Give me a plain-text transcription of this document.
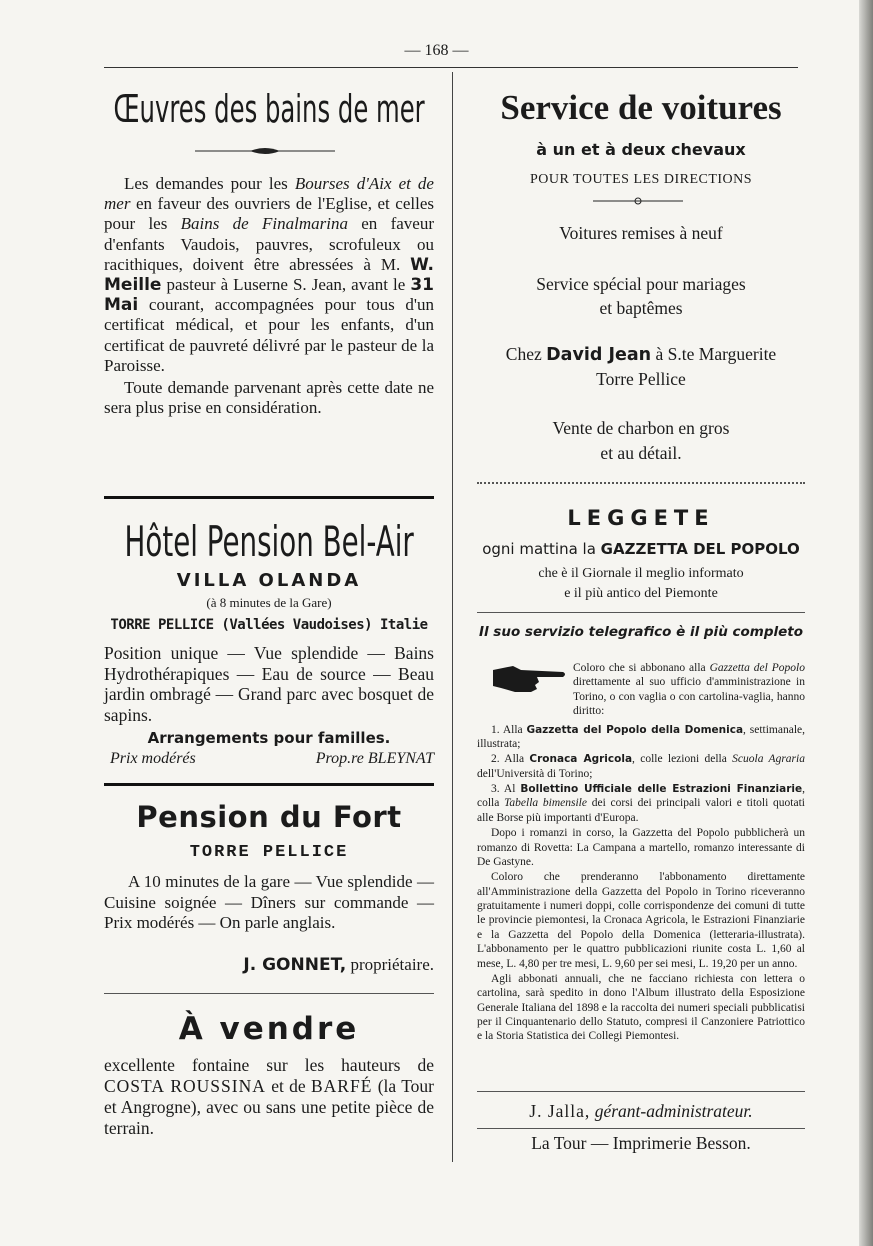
— 168 —
Œuvres des bains de mer
Les demandes pour les Bourses d'Aix et de mer en faveur des ouvriers de l'Eglise, et celles pour les Bains de Finalmarina en faveur d'enfants Vaudois, pauvres, scrofuleux ou racithiques, doivent être abressées à M. W. Meille pasteur à Luserne S. Jean, avant le 31 Mai courant, accompagnées pour tous d'un certificat médical, et pour les enfants, d'un certificat de pauvreté délivré par le pasteur de la Paroisse.
Toute demande parvenant après cette date ne sera plus prise en considération.
Hôtel Pension Bel-Air
VILLA OLANDA
(à 8 minutes de la Gare)
TORRE PELLICE (Vallées Vaudoises) Italie
Position unique — Vue splendide — Bains Hydrothérapiques — Eau de source — Beau jardin ombragé — Grand parc avec bosquet de sapins.
Arrangements pour familles.
Prix modérés	Prop.re BLEYNAT
Pension du Fort
TORRE PELLICE
A 10 minutes de la gare — Vue splendide — Cuisine soignée — Dîners sur commande — Prix modérés — On parle anglais.
J. GONNET, propriétaire.
À vendre
excellente fontaine sur les hauteurs de COSTA ROUSSINA et de BARFÉ (la Tour et Angrogne), avec ou sans une petite pièce de terrain.
Service de voitures
à un et à deux chevaux
POUR TOUTES LES DIRECTIONS
Voitures remises à neuf
Service spécial pour mariages
et baptêmes
Chez David Jean à S.te Marguerite
Torre Pellice
Vente de charbon en gros
et au détail.
LEGGETE
ogni mattina la GAZZETTA DEL POPOLO
che è il Giornale il meglio informato
e il più antico del Piemonte
Il suo servizio telegrafico è il più completo

Coloro che si abbonano alla Gazzetta del Popolo direttamente al suo ufficio d'amministrazione in Torino, o con vaglia o con cartolina-vaglia, hanno diritto:

1. Alla Gazzetta del Popolo della Domenica, settimanale, illustrata;

2. Alla Cronaca Agricola, colle lezioni della Scuola Agraria dell'Università di Torino;

3. Al Bollettino Ufficiale delle Estrazioni Finanziarie, colla Tabella bimensile dei corsi dei principali valori e titoli quotati alle Borse più importanti d'Europa.

Dopo i romanzi in corso, la Gazzetta del Popolo pubblicherà un romanzo di Rovetta: La Campana a martello, romanzo interessante di De Gastyne.

Coloro che prenderanno l'abbonamento direttamente all'Amministrazione della Gazzetta del Popolo in Torino riceveranno gratuitamente i numeri doppi, colle corrispondenze dei comuni di tutte le provincie piemontesi, la Cronaca Agricola, le Estrazioni Finanziarie e la Gazzetta del Popolo della Domenica (letteraria-illustrata). L'abbonamento per le quattro pubblicazioni riunite costa L. 1,60 al mese, L. 4,80 per tre mesi, L. 9,60 per sei mesi, L. 19,20 per un anno.

Agli abbonati annuali, che ne facciano richiesta con lettera o cartolina, sarà spedito in dono l'Album illustrato della Esposizione Generale Italiana del 1898 e la raccolta dei numeri speciali pubblicatisi per il Cinquantenario dello Statuto, compresi il Canzoniere Patriottico e la Storia Statistica dei Collegi Piemontesi.

J. Jalla, gérant-administrateur.
La Tour — Imprimerie Besson.
